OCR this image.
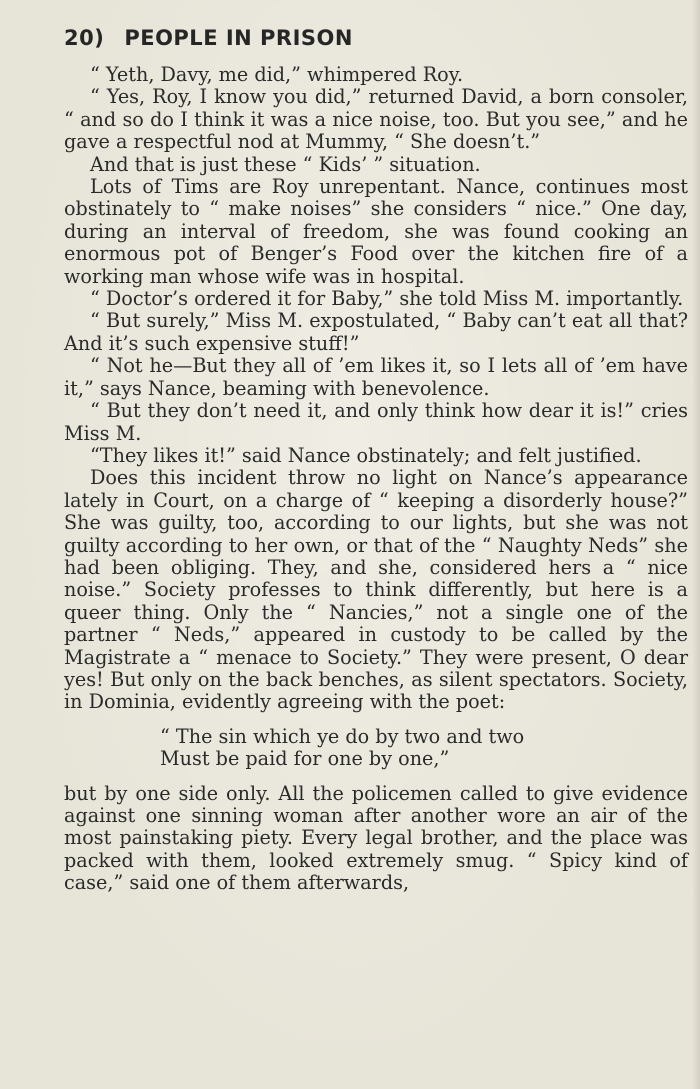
20) PEOPLE IN PRISON

“ Yeth, Davy, me did,” whimpered Roy.

“ Yes, Roy, I know you did,” returned David, a born consoler, “ and so do I think it was a nice noise, too. But you see,” and he gave a respectful nod at Mummy, “ She doesn’t.”

And that is just these “ Kids’ ” situation.

Lots of Tims are Roy unrepentant. Nance, continues most obstinately to “ make noises” she considers “ nice.” One day, during an interval of freedom, she was found cooking an enormous pot of Benger’s Food over the kitchen fire of a working man whose wife was in hospital.

“ Doctor’s ordered it for Baby,” she told Miss M. importantly.

“ But surely,” Miss M. expostulated, “ Baby can’t eat all that? And it’s such expensive stuff!”

“ Not he—But they all of ’em likes it, so I lets all of ’em have it,” says Nance, beaming with benevolence.

“ But they don’t need it, and only think how dear it is!” cries Miss M.

“They likes it!” said Nance obstinately; and felt justified.

Does this incident throw no light on Nance’s appearance lately in Court, on a charge of “ keeping a disorderly house?” She was guilty, too, according to our lights, but she was not guilty according to her own, or that of the “ Naughty Neds” she had been obliging. They, and she, considered hers a “ nice noise.” Society professes to think differently, but here is a queer thing. Only the “ Nancies,” not a single one of the partner “ Neds,” appeared in custody to be called by the Magistrate a “ menace to Society.” They were present, O dear yes! But only on the back benches, as silent spectators. Society, in Dominia, evidently agreeing with the poet:

“ The sin which ye do by two and two
Must be paid for one by one,”

but by one side only. All the policemen called to give evidence against one sinning woman after another wore an air of the most painstaking piety. Every legal brother, and the place was packed with them, looked extremely smug. “ Spicy kind of case,” said one of them afterwards,
